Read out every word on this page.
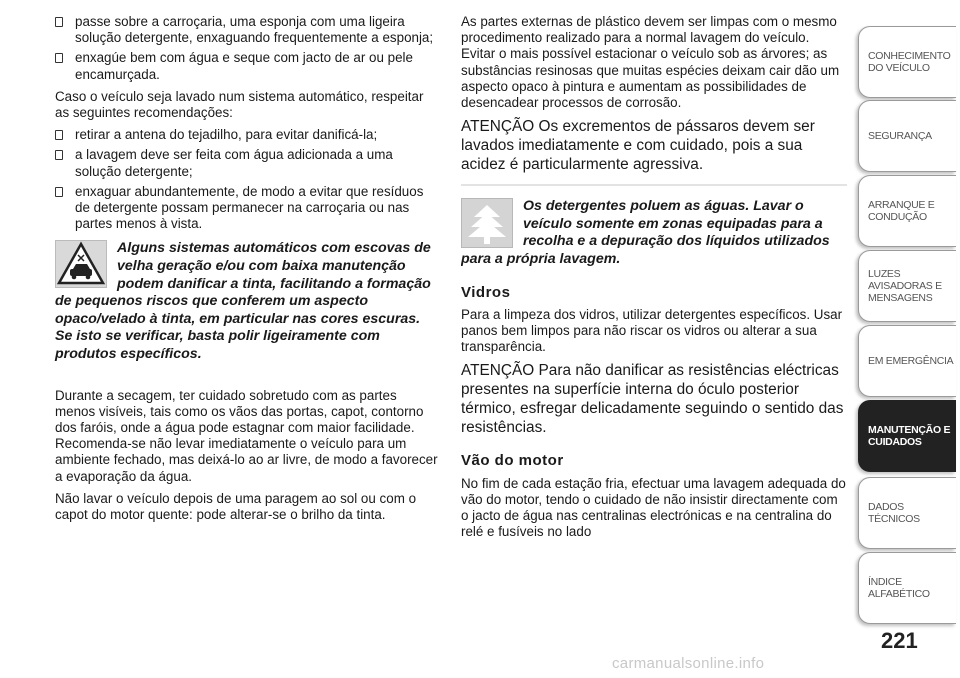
passe sobre a carroçaria, uma esponja com uma ligeira solução detergente, enxaguando frequentemente a esponja;
enxagúe bem com água e seque com jacto de ar ou pele encamurçada.

Caso o veículo seja lavado num sistema automático, respeitar as seguintes recomendações:

retirar a antena do tejadilho, para evitar danificá-la;
a lavagem deve ser feita com água adicionada a uma solução detergente;
enxaguar abundantemente, de modo a evitar que resíduos de detergente possam permanecer na carroçaria ou nas partes menos à vista.
Alguns sistemas automáticos com escovas de velha geração e/ou com baixa manutenção podem danificar a tinta, facilitando a formação de pequenos riscos que conferem um aspecto opaco/velado à tinta, em particular nas cores escuras. Se isto se verificar, basta polir ligeiramente com produtos específicos.

Durante a secagem, ter cuidado sobretudo com as partes menos visíveis, tais como os vãos das portas, capot, contorno dos faróis, onde a água pode estagnar com maior facilidade. Recomenda-se não levar imediatamente o veículo para um ambiente fechado, mas deixá-lo ao ar livre, de modo a favorecer a evaporação da água.

Não lavar o veículo depois de uma paragem ao sol ou com o capot do motor quente: pode alterar-se o brilho da tinta.

As partes externas de plástico devem ser limpas com o mesmo procedimento realizado para a normal lavagem do veículo. Evitar o mais possível estacionar o veículo sob as árvores; as substâncias resinosas que muitas espécies deixam cair dão um aspecto opaco à pintura e aumentam as possibilidades de desencadear processos de corrosão.

ATENÇÃO Os excrementos de pássaros devem ser lavados imediatamente e com cuidado, pois a sua acidez é particularmente agressiva.

Os detergentes poluem as águas. Lavar o veículo somente em zonas equipadas para a recolha e a depuração dos líquidos utilizados para a própria lavagem.
Vidros

Para a limpeza dos vidros, utilizar detergentes específicos. Usar panos bem limpos para não riscar os vidros ou alterar a sua transparência.

ATENÇÃO Para não danificar as resistências eléctricas presentes na superfície interna do óculo posterior térmico, esfregar delicadamente seguindo o sentido das resistências.

Vão do motor

No fim de cada estação fria, efectuar uma lavagem adequada do vão do motor, tendo o cuidado de não insistir directamente com o jacto de água nas centralinas electrónicas e na centralina do relé e fusíveis no lado

CONHECIMENTO DO VEÍCULO
SEGURANÇA
ARRANQUE E CONDUÇÃO
LUZES AVISADORAS E MENSAGENS
EM EMERGÊNCIA
MANUTENÇÃO E CUIDADOS
DADOS TÉCNICOS
ÍNDICE ALFABÉTICO
221
carmanualsonline.info
